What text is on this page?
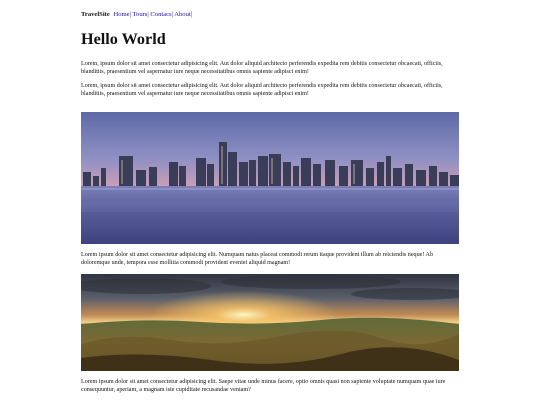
TravelSite Home| Tours| Contacs| About|
Hello World

Lorem, ipsum dolor sit amet consectetur adipisicing elit. Aut dolor aliquid architecto perferendis expedita rem debitis consectetur obcaecati, officiis, blanditiis, praesentium vel aspernatur iure neque necessitatibus omnis sapiente adipisci enim!

Lorem, ipsum dolor sit amet consectetur adipisicing elit. Aut dolor aliquid architecto perferendis expedita rem debitis consectetur obcaecati, officiis, blanditiis, praesentium vel aspernatur iure neque necessitatibus omnis sapiente adipisci enim!

Lorem ipsum dolor sit amet consectetur adipisicing elit. Numquam natus placeat commodi rerum itaque provident illum ab reiciendis neque! Ab doloremque unde, tempora esse mollitia commodi provident eveniet aliquid magnam!

Lorem ipsum dolor sit amet consectetur adipisicing elit. Saepe vitae unde minus facere, optio omnis quasi non sapiente voluptate numquam quae iure consequuntur, aperiam, a magnam iste cupiditate recusandae veniam?
